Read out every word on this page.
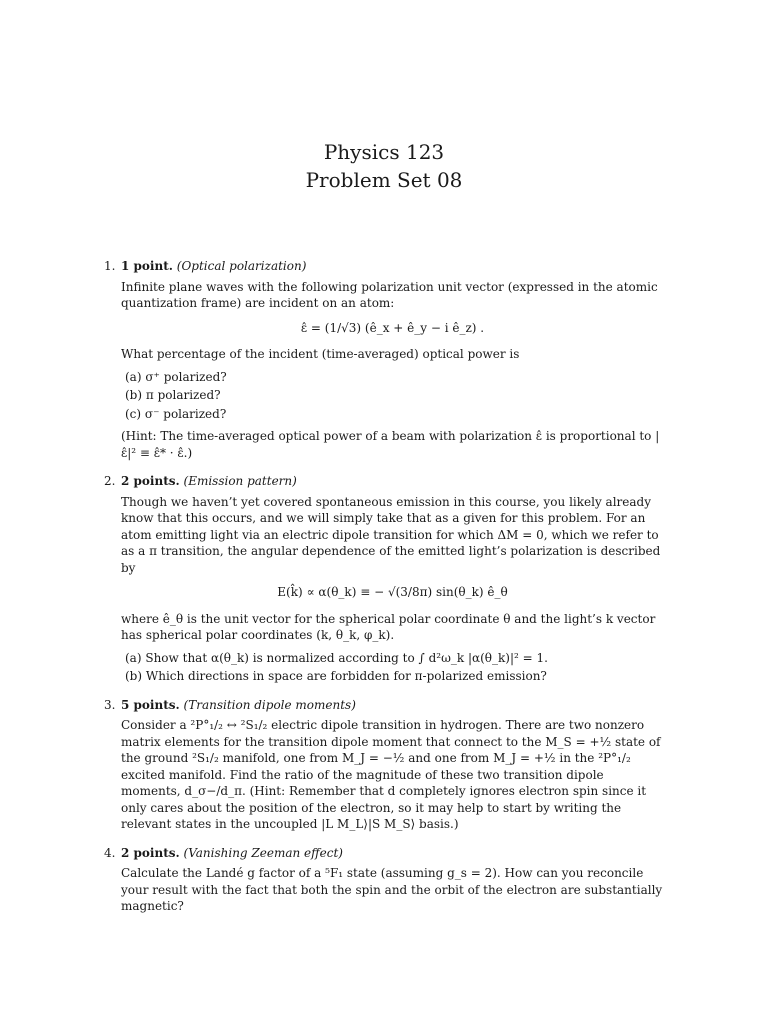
Physics 123
Problem Set 08
1. 1 point. (Optical polarization)
Infinite plane waves with the following polarization unit vector (expressed in the atomic quantization frame) are incident on an atom:
ε̂ = (1/√3) (ê_x + ê_y − i ê_z) .
What percentage of the incident (time-averaged) optical power is
(a) σ⁺ polarized?
(b) π polarized?
(c) σ⁻ polarized?
(Hint: The time-averaged optical power of a beam with polarization ε̂ is proportional to |ε̂|² ≡ ε̂* · ε̂.)
2. 2 points. (Emission pattern)
Though we haven’t yet covered spontaneous emission in this course, you likely already know that this occurs, and we will simply take that as a given for this problem. For an atom emitting light via an electric dipole transition for which ΔM = 0, which we refer to as a π transition, the angular dependence of the emitted light’s polarization is described by
E(k̂) ∝ α(θ_k) ≡ − √(3/8π) sin(θ_k) ê_θ
where ê_θ is the unit vector for the spherical polar coordinate θ and the light’s k vector has spherical polar coordinates (k, θ_k, φ_k).
(a) Show that α(θ_k) is normalized according to ∫ d²ω_k |α(θ_k)|² = 1.
(b) Which directions in space are forbidden for π-polarized emission?
3. 5 points. (Transition dipole moments)
Consider a ²P°₁/₂ ↔ ²S₁/₂ electric dipole transition in hydrogen. There are two nonzero matrix elements for the transition dipole moment that connect to the M_S = +½ state of the ground ²S₁/₂ manifold, one from M_J = −½ and one from M_J = +½ in the ²P°₁/₂ excited manifold. Find the ratio of the magnitude of these two transition dipole moments, d_σ−/d_π. (Hint: Remember that d completely ignores electron spin since it only cares about the position of the electron, so it may help to start by writing the relevant states in the uncoupled |L M_L⟩|S M_S⟩ basis.)
4. 2 points. (Vanishing Zeeman effect)
Calculate the Landé g factor of a ⁵F₁ state (assuming g_s = 2). How can you reconcile your result with the fact that both the spin and the orbit of the electron are substantially magnetic?
